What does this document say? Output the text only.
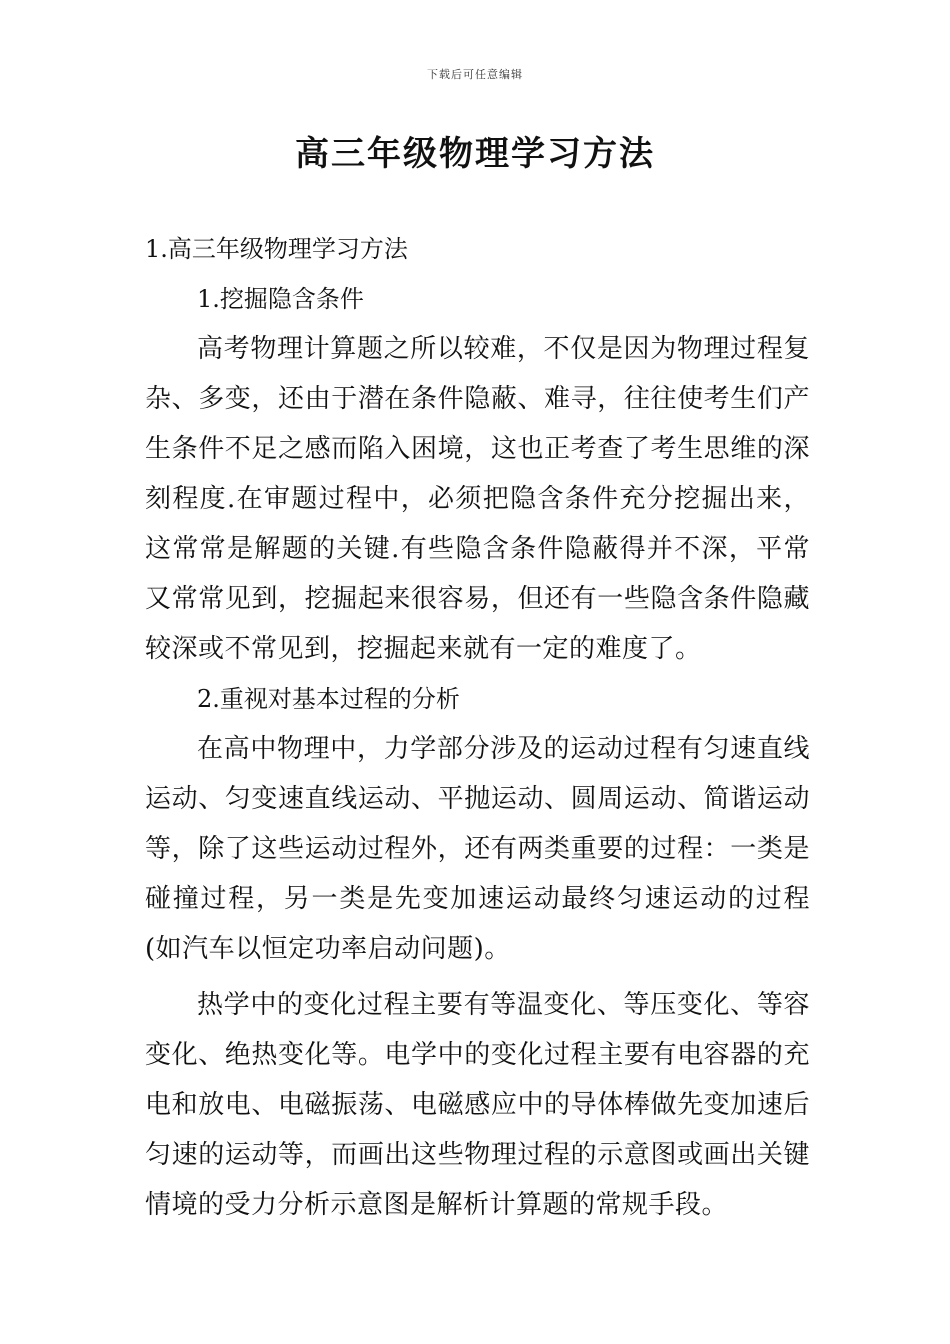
下载后可任意编辑
高三年级物理学习方法
1.高三年级物理学习方法
1.挖掘隐含条件

高考物理计算题之所以较难，不仅是因为物理过程复杂、多变，还由于潜在条件隐蔽、难寻，往往使考生们产生条件不足之感而陷入困境，这也正考查了考生思维的深刻程度.在审题过程中，必须把隐含条件充分挖掘出来，这常常是解题的关键.有些隐含条件隐蔽得并不深，平常又常常见到，挖掘起来很容易，但还有一些隐含条件隐藏较深或不常见到，挖掘起来就有一定的难度了。

2.重视对基本过程的分析

在高中物理中，力学部分涉及的运动过程有匀速直线运动、匀变速直线运动、平抛运动、圆周运动、简谐运动等，除了这些运动过程外，还有两类重要的过程：一类是碰撞过程，另一类是先变加速运动最终匀速运动的过程(如汽车以恒定功率启动问题)。

热学中的变化过程主要有等温变化、等压变化、等容变化、绝热变化等。电学中的变化过程主要有电容器的充电和放电、电磁振荡、电磁感应中的导体棒做先变加速后匀速的运动等，而画出这些物理过程的示意图或画出关键情境的受力分析示意图是解析计算题的常规手段。
